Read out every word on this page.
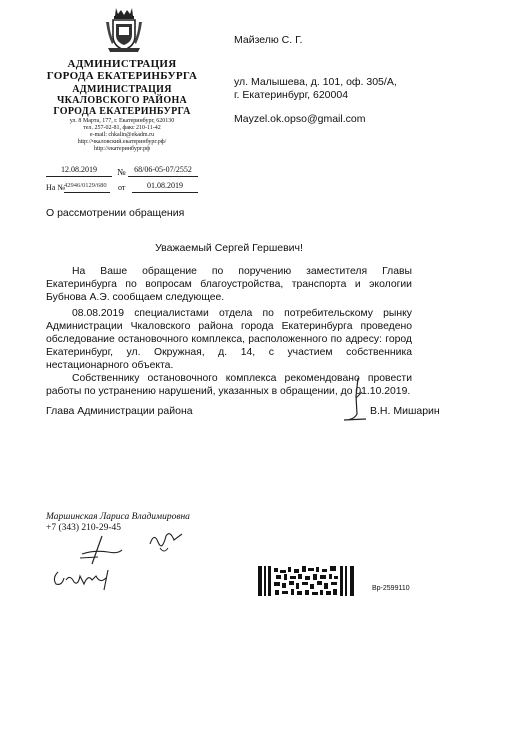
АДМИНИСТРАЦИЯ
ГОРОДА ЕКАТЕРИНБУРГА
АДМИНИСТРАЦИЯ
ЧКАЛОВСКОГО РАЙОНА
ГОРОДА ЕКАТЕРИНБУРГА
ул. 8 Марта, 177, г. Екатеринбург, 620130
тел. 257-02-81, факс 210-11-42
e-mail: chkalin@ekadm.ru
http://чкаловский.екатеринбург.рф/
http://екатеринбург.рф
12.08.2019	№	68/06-05-07/2552
На № 42946/0129/680	от	01.08.2019
Майзелю С. Г.
ул. Малышева, д. 101, оф. 305/А,
г. Екатеринбург, 620004
Mayzel.ok.opso@gmail.com
О рассмотрении обращения
Уважаемый Сергей Гершевич!

На Ваше обращение по поручению заместителя Главы Екатеринбурга по вопросам благоустройства, транспорта и экологии Бубнова А.Э. сообщаем следующее.

08.08.2019 специалистами отдела по потребительскому рынку Администрации Чкаловского района города Екатеринбурга проведено обследование остановочного комплекса, расположенного по адресу: город Екатеринбург, ул. Окружная, д. 14, с участием собственника нестационарного объекта.

Собственнику остановочного комплекса рекомендовано провести работы по устранению нарушений, указанных в обращении, до 01.10.2019.

Глава Администрации района	В.Н. Мишарин
Маршинская Лариса Владимировна
+7 (343) 210-29-45
Вр-2599110
